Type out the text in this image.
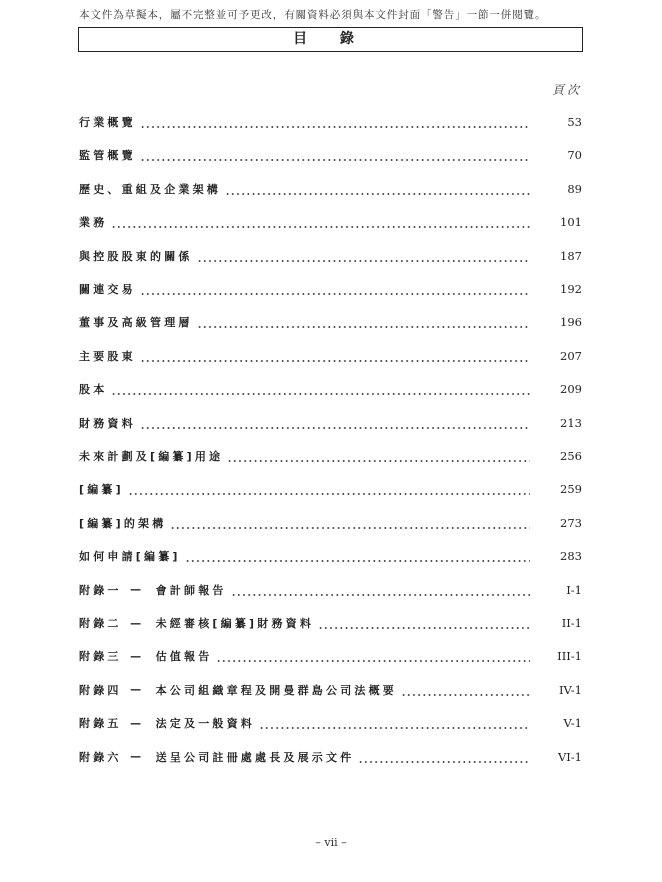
本文件為草擬本，屬不完整並可予更改，有關資料必須與本文件封面「警告」一節一併閱覽。
目 錄
頁次
行業概覽	53
監管概覽	70
歷史、重組及企業架構	89
業務	101
與控股股東的關係	187
關連交易	192
董事及高級管理層	196
主要股東	207
股本	209
財務資料	213
未來計劃及[編纂]用途	256
[編纂]	259
[編纂]的架構	273
如何申請[編纂]	283
附錄一 —	會計師報告	I-1
附錄二 —	未經審核[編纂]財務資料	II-1
附錄三 —	估值報告	III-1
附錄四 —	本公司組織章程及開曼群島公司法概要	IV-1
附錄五 —	法定及一般資料	V-1
附錄六 —	送呈公司註冊處處長及展示文件	VI-1
– vii –
